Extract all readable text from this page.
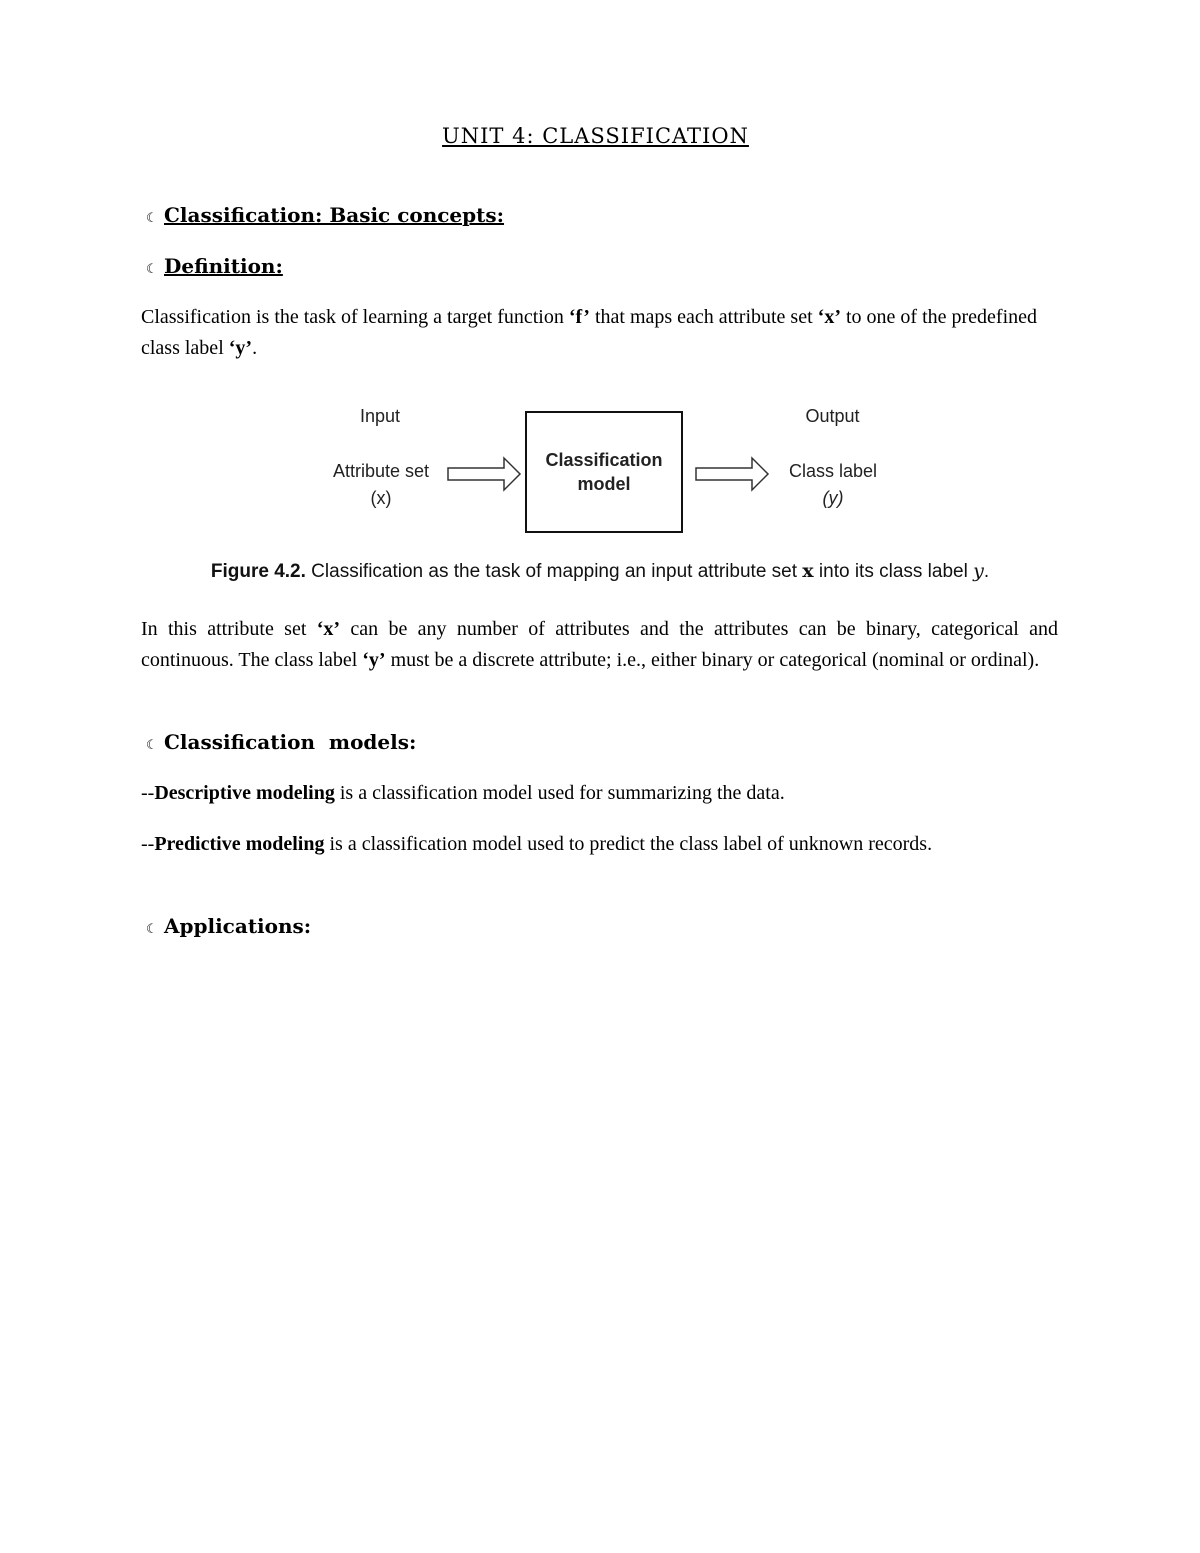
UNIT 4: CLASSIFICATION
☾ Classification: Basic concepts:
☾ Definition:
Classification is the task of learning a target function ‘f’ that maps each attribute set ‘x’ to one of the predefined class label ‘y’.
Input	Output
Attribute set
(x)
Classification
model
Class label
(y)
Figure 4.2. Classification as the task of mapping an input attribute set x into its class label y.
In this attribute set ‘x’ can be any number of attributes and the attributes can be binary, categorical and continuous. The class label ‘y’ must be a discrete attribute; i.e., either binary or categorical (nominal or ordinal).
☾ Classification  models:
--Descriptive modeling is a classification model used for summarizing the data.
--Predictive modeling is a classification model used to predict the class label of unknown records.
☾ Applications:
